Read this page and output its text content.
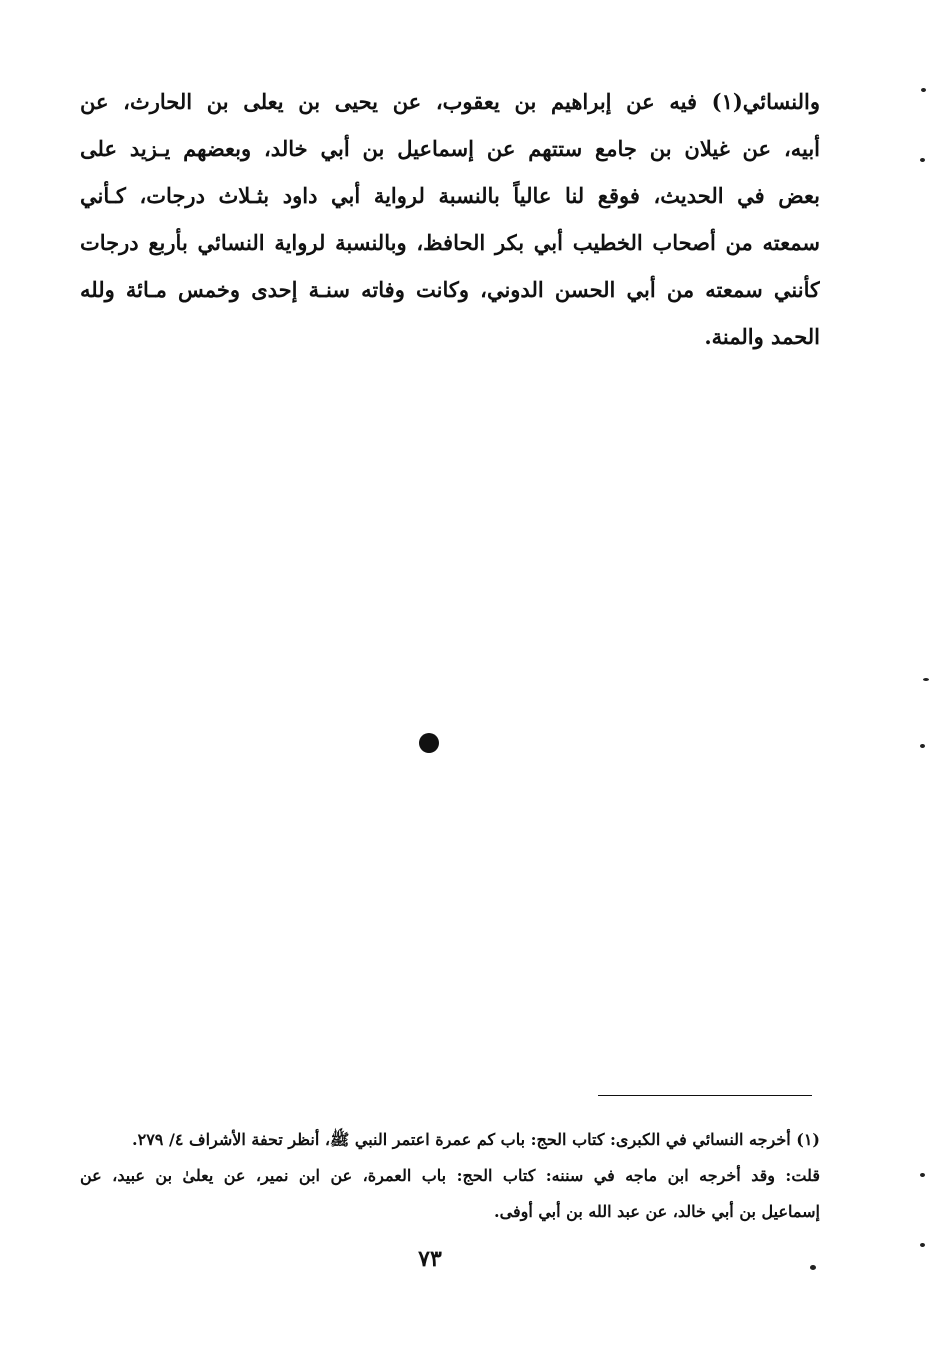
والنسائي(١) فيه عن إبراهيم بن يعقوب، عن يحيى بن يعلى بن الحارث، عن
أبيه، عن غيلان بن جامع ستتهم عن إسماعيل بن أبي خالد، وبعضهم يـزيد على
بعض في الحديث، فوقع لنا عالياً بالنسبة لرواية أبي داود بثـلاث درجات، كـأني
سمعته من أصحاب الخطيب أبي بكر الحافظ، وبالنسبة لرواية النسائي بأربع درجات
كأنني سمعته من أبي الحسن الدوني، وكانت وفاته سنـة إحدى وخمس مـائة ولله
الحمد والمنة.
(١) أخرجه النسائي في الكبرى: كتاب الحج: باب كم عمرة اعتمر النبي ﷺ، أنظر تحفة الأشراف ٤/ ٢٧٩.
قلت: وقد أخرجه ابن ماجه في سننه: كتاب الحج: باب العمرة، عن ابن نمير، عن يعلىٰ بن عبيد، عن
إسماعيل بن أبي خالد، عن عبد الله بن أبي أوفى.
٧٣
